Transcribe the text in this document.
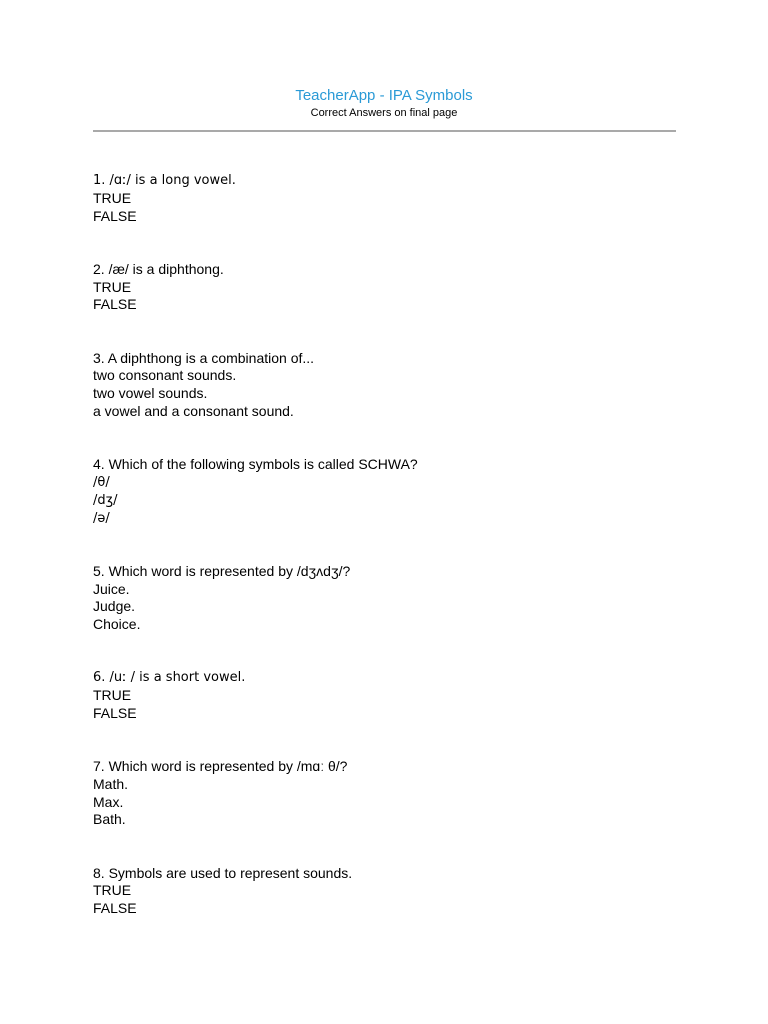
TeacherApp - IPA Symbols
Correct Answers on final page
1. /ɑː/ is a long vowel.
TRUE
FALSE
2. /æ/ is a diphthong.
TRUE
FALSE
3. A diphthong is a combination of...
two consonant sounds.
two vowel sounds.
a vowel and a consonant sound.
4. Which of the following symbols is called SCHWA?
/θ/
/dʒ/
/ə/
5. Which word is represented by /dʒʌdʒ/?
Juice.
Judge.
Choice.
6. /uː / is a short vowel.
TRUE
FALSE
7. Which word is represented by /mɑː θ/?
Math.
Max.
Bath.
8. Symbols are used to represent sounds.
TRUE
FALSE
